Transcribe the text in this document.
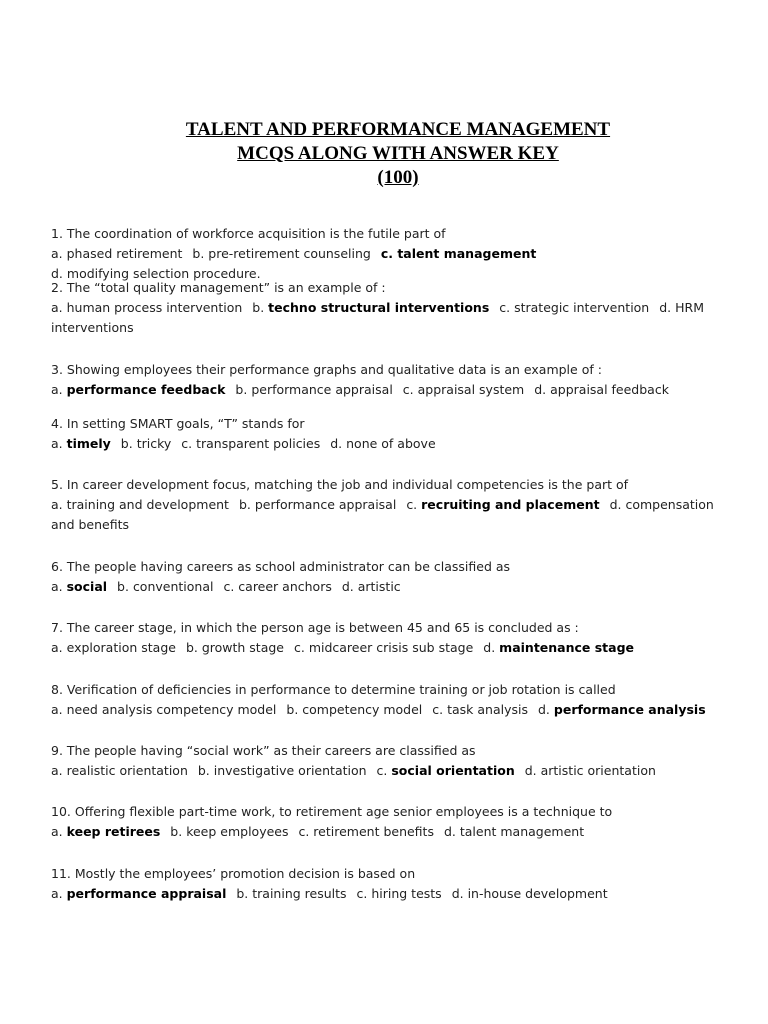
TALENT AND PERFORMANCE MANAGEMENT
MCQS ALONG WITH ANSWER KEY
(100)
1. The coordination of workforce acquisition is the futile part of
a. phased retirement b. pre-retirement counseling c. talent management d. modifying selection procedure.
2. The “total quality management” is an example of :
a. human process intervention b. techno structural interventions c. strategic intervention d. HRM interventions
3. Showing employees their performance graphs and qualitative data is an example of :
a. performance feedback b. performance appraisal c. appraisal system d. appraisal feedback
4. In setting SMART goals, “T” stands for
a. timely b. tricky c. transparent policies d. none of above
5. In career development focus, matching the job and individual competencies is the part of
a. training and development b. performance appraisal c. recruiting and placement d. compensation and benefits
6. The people having careers as school administrator can be classified as
a. social b. conventional c. career anchors d. artistic
7. The career stage, in which the person age is between 45 and 65 is concluded as :
a. exploration stage b. growth stage c. midcareer crisis sub stage d. maintenance stage
8. Verification of deficiencies in performance to determine training or job rotation is called
a. need analysis competency model b. competency model c. task analysis d. performance analysis
9. The people having “social work” as their careers are classified as
a. realistic orientation b. investigative orientation c. social orientation d. artistic orientation
10. Offering flexible part-time work, to retirement age senior employees is a technique to
a. keep retirees b. keep employees c. retirement benefits d. talent management
11. Mostly the employees’ promotion decision is based on
a. performance appraisal b. training results c. hiring tests d. in-house development
